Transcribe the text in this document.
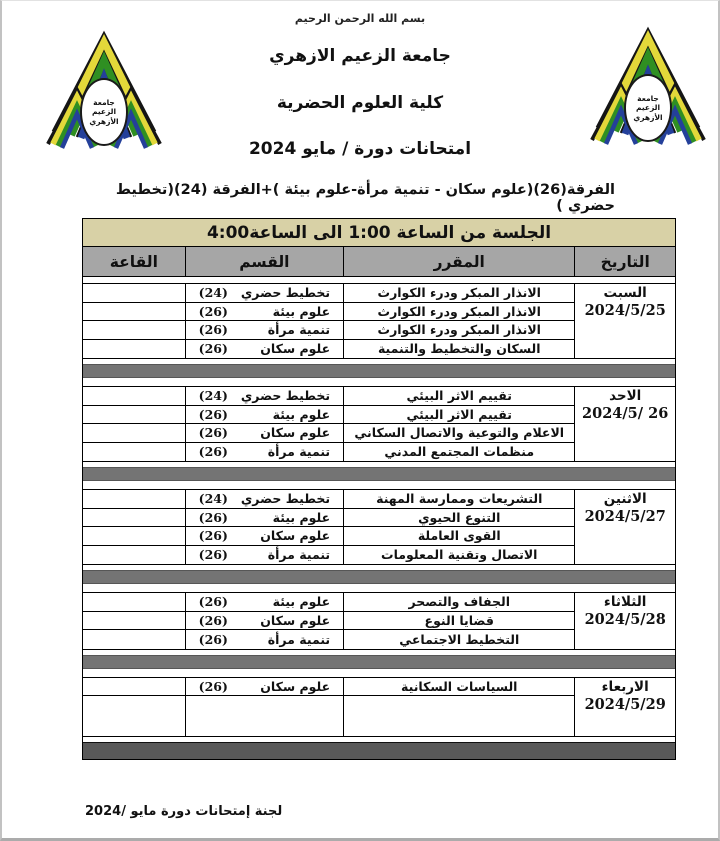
بسم الله الرحمن الرحيم
جامعة الزعيم الازهري
كلية العلوم الحضرية
امتحانات دورة / مايو 2024
الفرقة(26)(علوم سكان - تنمية مرأة-علوم بيئة )+الفرقة (24)(تخطيط حضري )
جامعة
الزعيم
الأزهري
جامعة
الزعيم
الأزهري
الجلسة من الساعة 1:00 الى الساعة4:00
التاريخ
المقرر
القسم
القاعة
السبت
2024/5/25
الانذار المبكر ودرء الكوارث
الانذار المبكر ودرء الكوارث
الانذار المبكر ودرء الكوارث
السكان والتخطيط والتنمية
تخطيط حضري
(24)
علوم بيئة
(26)
تنمية مرأة
(26)
علوم سكان
(26)
الاحد
2024/5/ 26
تقييم الاثر البيئي
تقييم الاثر البيئي
الاعلام والتوعية والاتصال السكاني
منظمات المجتمع المدني
تخطيط حضري
(24)
علوم بيئة
(26)
علوم سكان
(26)
تنمية مرأة
(26)
الاثنين
2024/5/27
التشريعات وممارسة المهنة
التنوع الحيوي
القوى العاملة
الاتصال وتقنية المعلومات
تخطيط حضري
(24)
علوم بيئة
(26)
علوم سكان
(26)
تنمية مرأة
(26)
الثلاثاء
2024/5/28
الجفاف والتصحر
قضايا النوع
التخطيط الاجتماعي
علوم بيئة
(26)
علوم سكان
(26)
تنمية مرأة
(26)
الاربعاء
2024/5/29
السياسات السكانية
علوم سكان
(26)
لجنة إمتحانات دورة مايو /2024
